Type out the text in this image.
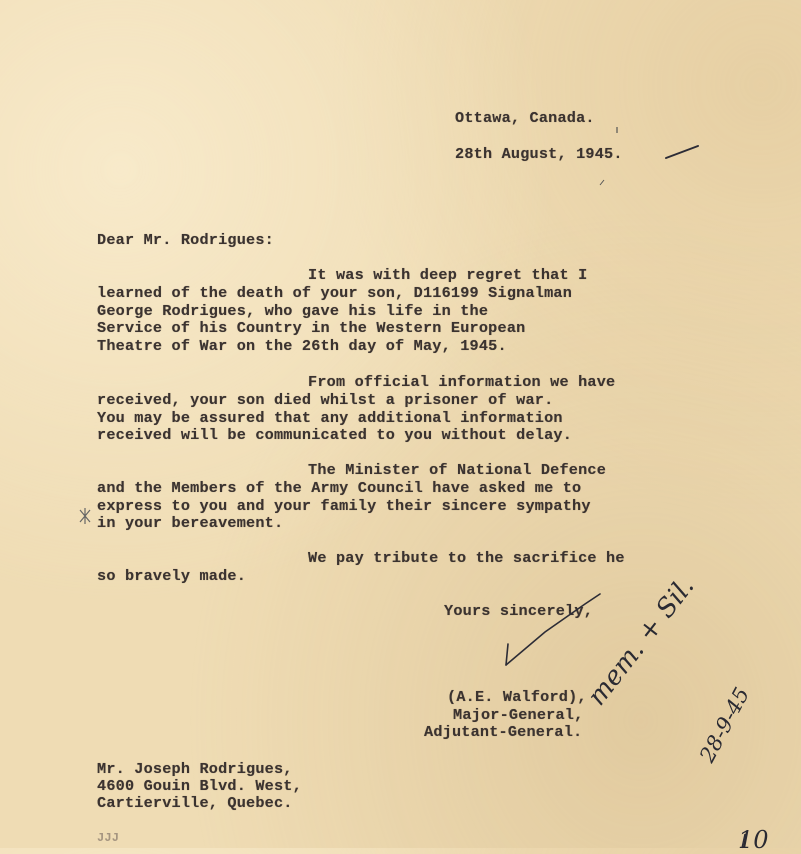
Ottawa, Canada.
28th August, 1945.
Dear Mr. Rodrigues:
It was with deep regret that I
learned of the death of your son, D116199 Signalman
George Rodrigues, who gave his life in the
Service of his Country in the Western European
Theatre of War on the 26th day of May, 1945.
From official information we have
received, your son died whilst a prisoner of war.
You may be assured that any additional information
received will be communicated to you without delay.
The Minister of National Defence
and the Members of the Army Council have asked me to
express to you and your family their sincere sympathy
in your bereavement.
We pay tribute to the sacrifice he
so bravely made.
Yours sincerely,
(A.E. Walford),
Major-General,
Adjutant-General.
Mr. Joseph Rodrigues,
4600 Gouin Blvd. West,
Cartierville, Quebec.
JJJ
mem. + Sil.
28-9-45
10
